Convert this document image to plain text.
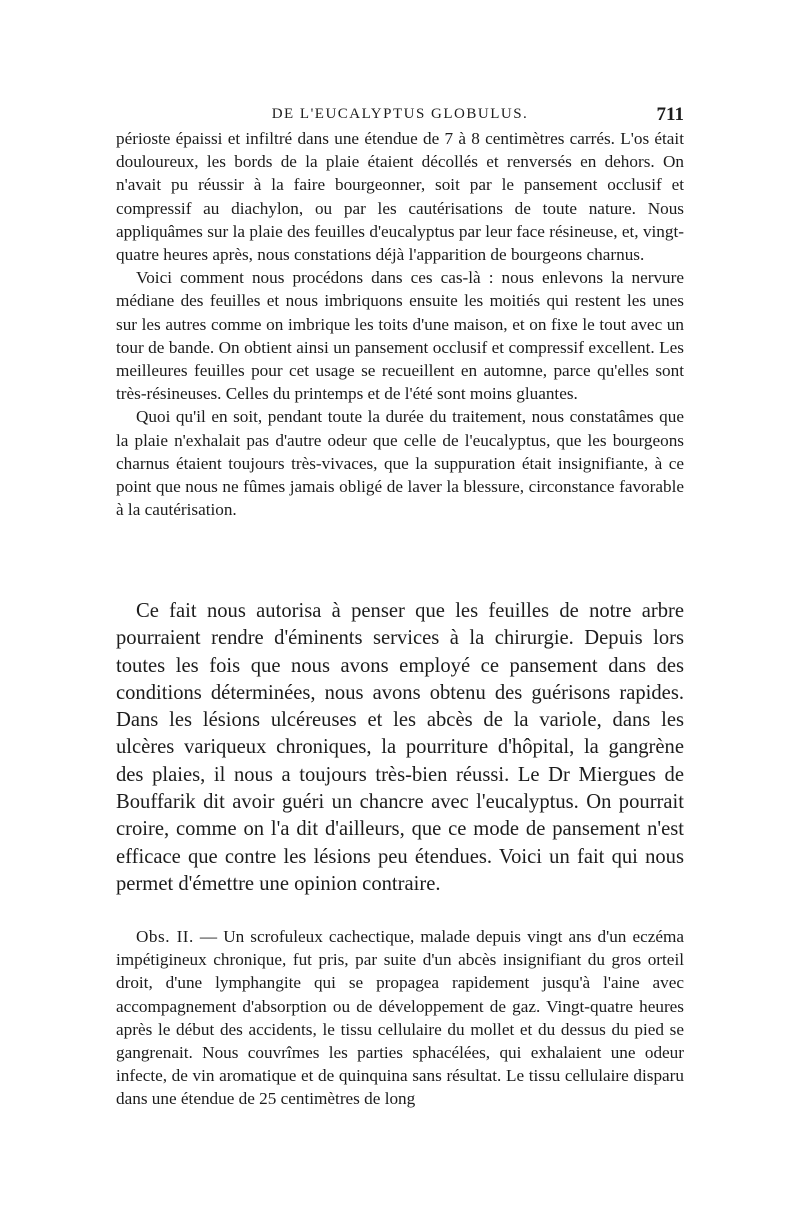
DE L'EUCALYPTUS GLOBULUS.	711

périoste épaissi et infiltré dans une étendue de 7 à 8 centimètres carrés. L'os était douloureux, les bords de la plaie étaient décollés et renversés en dehors. On n'avait pu réussir à la faire bourgeonner, soit par le pansement occlusif et compressif au diachylon, ou par les cautérisations de toute nature. Nous appliquâmes sur la plaie des feuilles d'eucalyptus par leur face résineuse, et, vingt-quatre heures après, nous constations déjà l'apparition de bourgeons charnus.

Voici comment nous procédons dans ces cas-là : nous enlevons la nervure médiane des feuilles et nous imbriquons ensuite les moitiés qui restent les unes sur les autres comme on imbrique les toits d'une maison, et on fixe le tout avec un tour de bande. On obtient ainsi un pansement occlusif et compressif excellent. Les meilleures feuilles pour cet usage se recueillent en automne, parce qu'elles sont très-résineuses. Celles du printemps et de l'été sont moins gluantes.

Quoi qu'il en soit, pendant toute la durée du traitement, nous constatâmes que la plaie n'exhalait pas d'autre odeur que celle de l'eucalyptus, que les bourgeons charnus étaient toujours très-vivaces, que la suppuration était insignifiante, à ce point que nous ne fûmes jamais obligé de laver la blessure, circonstance favorable à la cautérisation.

Ce fait nous autorisa à penser que les feuilles de notre arbre pourraient rendre d'éminents services à la chirurgie. Depuis lors toutes les fois que nous avons employé ce pansement dans des conditions déterminées, nous avons obtenu des guérisons rapides. Dans les lésions ulcéreuses et les abcès de la variole, dans les ulcères variqueux chroniques, la pourriture d'hôpital, la gangrène des plaies, il nous a toujours très-bien réussi. Le Dr Miergues de Bouffarik dit avoir guéri un chancre avec l'eucalyptus. On pourrait croire, comme on l'a dit d'ailleurs, que ce mode de pansement n'est efficace que contre les lésions peu étendues. Voici un fait qui nous permet d'émettre une opinion contraire.

Obs. II. — Un scrofuleux cachectique, malade depuis vingt ans d'un eczéma impétigineux chronique, fut pris, par suite d'un abcès insignifiant du gros orteil droit, d'une lymphangite qui se propagea rapidement jusqu'à l'aine avec accompagnement d'absorption ou de développement de gaz. Vingt-quatre heures après le début des accidents, le tissu cellulaire du mollet et du dessus du pied se gangrenait. Nous couvrîmes les parties sphacélées, qui exhalaient une odeur infecte, de vin aromatique et de quinquina sans résultat. Le tissu cellulaire disparu dans une étendue de 25 centimètres de long
